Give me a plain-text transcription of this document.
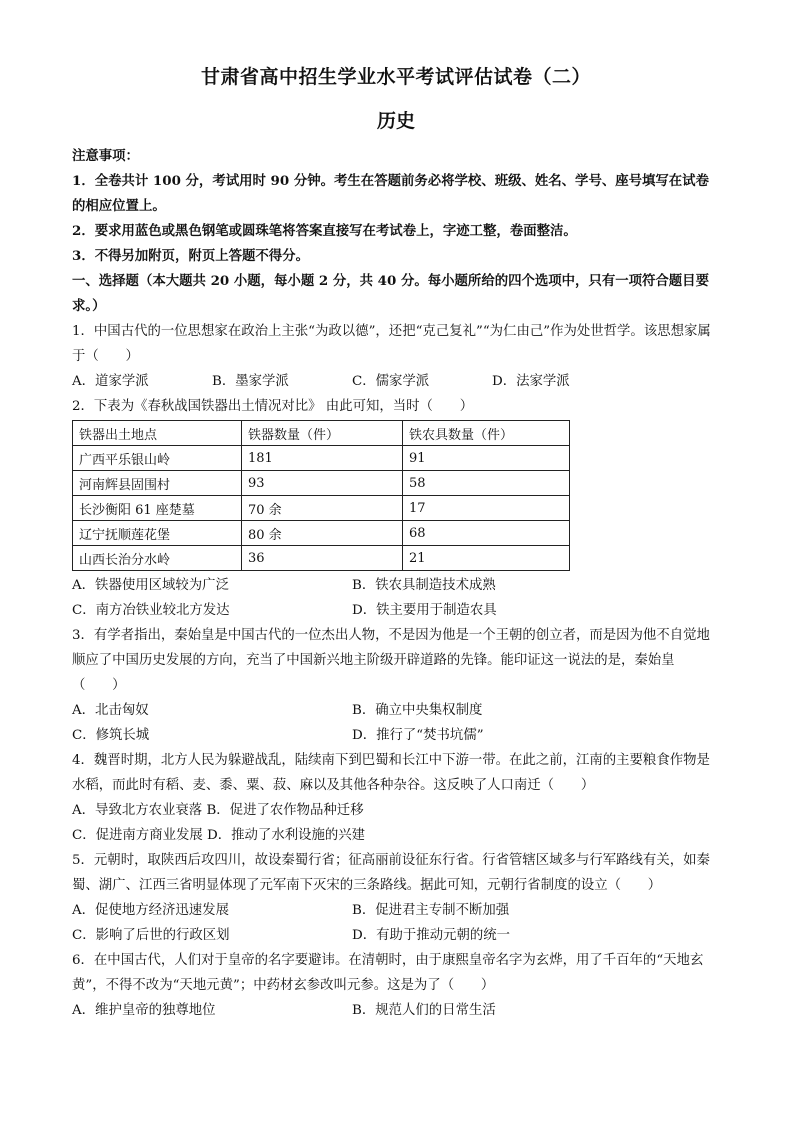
甘肃省高中招生学业水平考试评估试卷（二）
历史

注意事项：

1．全卷共计 100 分，考试用时 90 分钟。考生在答题前务必将学校、班级、姓名、学号、座号填写在试卷的相应位置上。

2．要求用蓝色或黑色钢笔或圆珠笔将答案直接写在考试卷上，字迹工整，卷面整洁。

3．不得另加附页，附页上答题不得分。

一、选择题（本大题共 20 小题，每小题 2 分，共 40 分。每小题所给的四个选项中，只有一项符合题目要求。）

1．中国古代的一位思想家在政治上主张“为政以德”，还把“克己复礼”“为仁由己”作为处世哲学。该思想家属于（　　）

A．道家学派	B．墨家学派	C．儒家学派	D．法家学派

2．下表为《春秋战国铁器出土情况对比》 由此可知，当时（　　）

铁器出土地点	铁器数量（件）	铁农具数量（件）
广西平乐银山岭	181	91
河南辉县固围村	93	58
长沙衡阳 61 座楚墓	70 余	17
辽宁抚顺莲花堡	80 余	68
山西长治分水岭	36	21
A．铁器使用区域较为广泛	B．铁农具制造技术成熟
C．南方冶铁业较北方发达	D．铁主要用于制造农具

3．有学者指出，秦始皇是中国古代的一位杰出人物，不是因为他是一个王朝的创立者，而是因为他不自觉地顺应了中国历史发展的方向，充当了中国新兴地主阶级开辟道路的先锋。能印证这一说法的是，秦始皇（　　）

A．北击匈奴	B．确立中央集权制度
C．修筑长城	D．推行了“焚书坑儒”

4．魏晋时期，北方人民为躲避战乱，陆续南下到巴蜀和长江中下游一带。在此之前，江南的主要粮食作物是水稻，而此时有稻、麦、黍、粟、菽、麻以及其他各种杂谷。这反映了人口南迁（　　）

A．导致北方农业衰落 B．促进了农作物品种迁移

C．促进南方商业发展 D．推动了水利设施的兴建

5．元朝时，取陕西后攻四川，故设秦蜀行省；征高丽前设征东行省。行省管辖区域多与行军路线有关，如秦蜀、湖广、江西三省明显体现了元军南下灭宋的三条路线。据此可知，元朝行省制度的设立（　　）

A．促使地方经济迅速发展	B．促进君主专制不断加强
C．影响了后世的行政区划	D．有助于推动元朝的统一

6．在中国古代，人们对于皇帝的名字要避讳。在清朝时，由于康熙皇帝名字为玄烨，用了千百年的“天地玄黄”，不得不改为“天地元黄”；中药材玄参改叫元参。这是为了（　　）

A．维护皇帝的独尊地位	B．规范人们的日常生活
